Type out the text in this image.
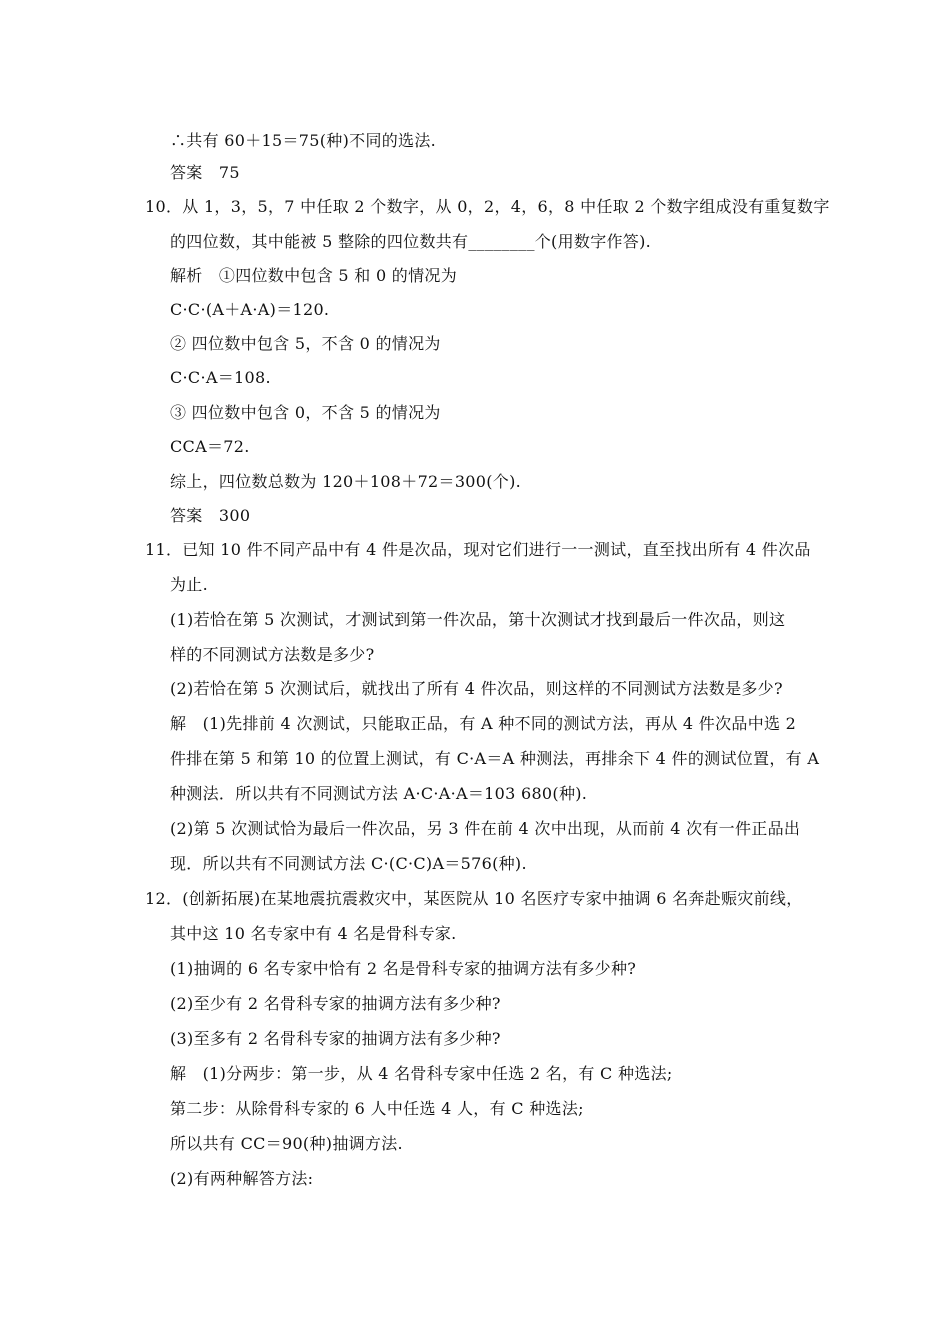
∴共有 60＋15＝75(种)不同的选法.
答案　75
10．从 1，3，5，7 中任取 2 个数字，从 0，2，4，6，8 中任取 2 个数字组成没有重复数字
的四位数，其中能被 5 整除的四位数共有________个(用数字作答).
解析　①四位数中包含 5 和 0 的情况为
C·C·(A＋A·A)＝120.
② 四位数中包含 5，不含 0 的情况为
C·C·A＝108.
③ 四位数中包含 0，不含 5 的情况为
CCA＝72.
综上，四位数总数为 120＋108＋72＝300(个).
答案　300
11．已知 10 件不同产品中有 4 件是次品，现对它们进行一一测试，直至找出所有 4 件次品
为止.
(1)若恰在第 5 次测试，才测试到第一件次品，第十次测试才找到最后一件次品，则这
样的不同测试方法数是多少?
(2)若恰在第 5 次测试后，就找出了所有 4 件次品，则这样的不同测试方法数是多少?
解　(1)先排前 4 次测试，只能取正品，有 A 种不同的测试方法，再从 4 件次品中选 2
件排在第 5 和第 10 的位置上测试，有 C·A＝A 种测法，再排余下 4 件的测试位置，有 A
种测法．所以共有不同测试方法 A·C·A·A＝103 680(种).
(2)第 5 次测试恰为最后一件次品，另 3 件在前 4 次中出现，从而前 4 次有一件正品出
现．所以共有不同测试方法 C·(C·C)A＝576(种).
12．(创新拓展)在某地震抗震救灾中，某医院从 10 名医疗专家中抽调 6 名奔赴赈灾前线，
其中这 10 名专家中有 4 名是骨科专家.
(1)抽调的 6 名专家中恰有 2 名是骨科专家的抽调方法有多少种?
(2)至少有 2 名骨科专家的抽调方法有多少种?
(3)至多有 2 名骨科专家的抽调方法有多少种?
解　(1)分两步：第一步，从 4 名骨科专家中任选 2 名，有 C 种选法;
第二步：从除骨科专家的 6 人中任选 4 人，有 C 种选法;
所以共有 CC＝90(种)抽调方法.
(2)有两种解答方法:
